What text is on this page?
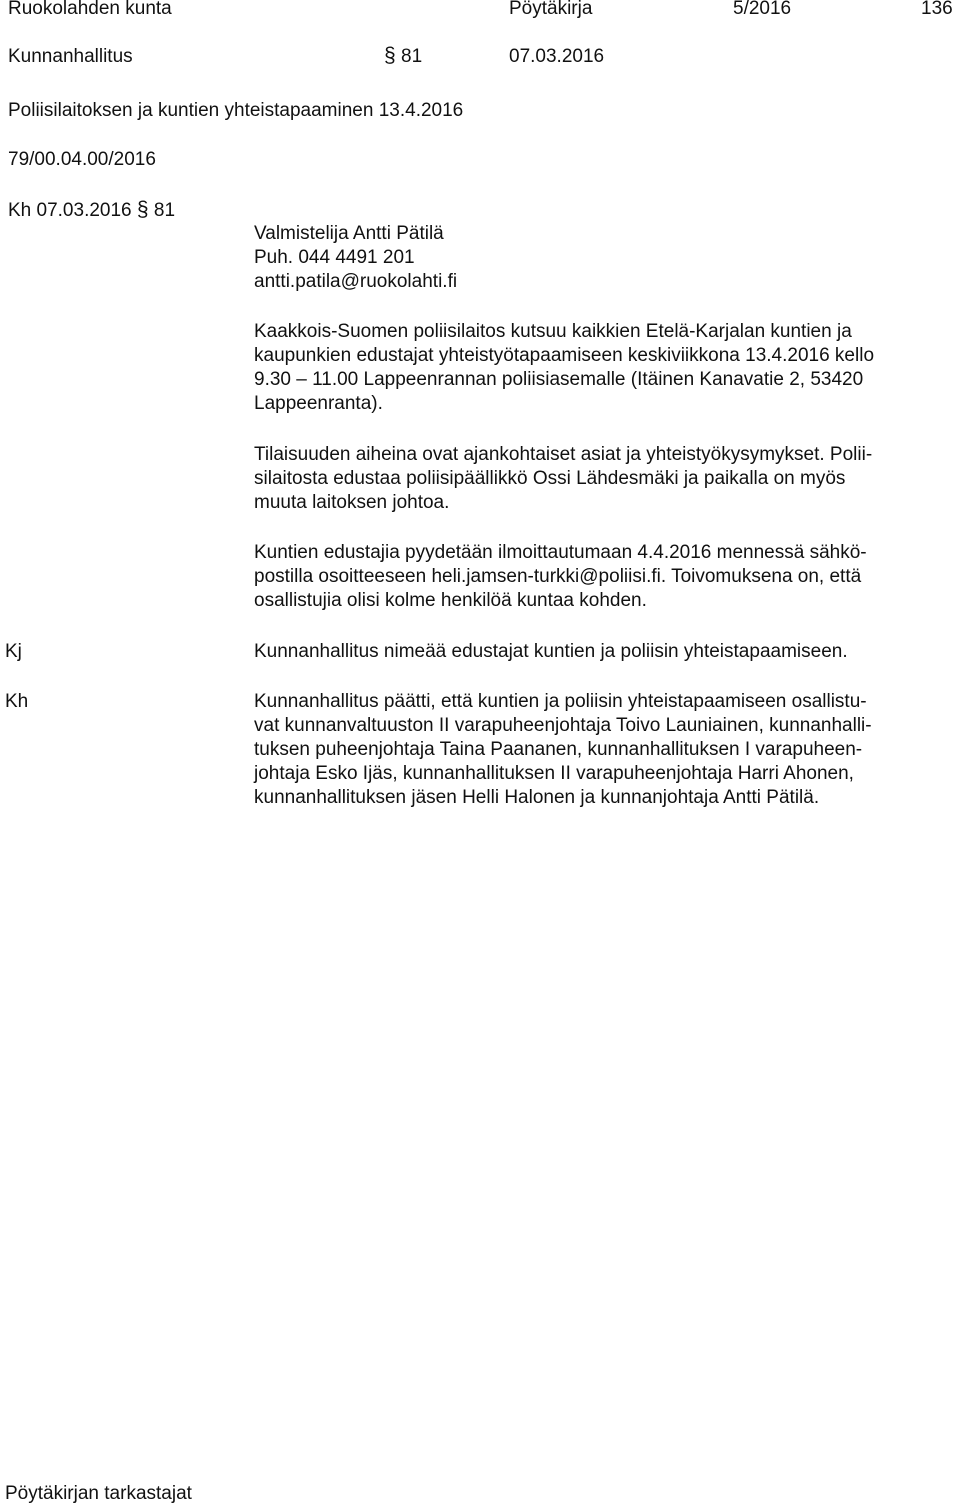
Ruokolahden kunta	Pöytäkirja	5/2016	136
Kunnanhallitus	§ 81	07.03.2016
Poliisilaitoksen ja kuntien yhteistapaaminen 13.4.2016
79/00.04.00/2016
Kh 07.03.2016 § 81
Valmistelija Antti Pätilä
Puh. 044 4491 201
antti.patila@ruokolahti.fi
Kaakkois-Suomen poliisilaitos kutsuu kaikkien Etelä-Karjalan kuntien ja
kaupunkien edustajat yhteistyötapaamiseen keskiviikkona 13.4.2016 kello
9.30 – 11.00 Lappeenrannan poliisiasemalle (Itäinen Kanavatie 2, 53420
Lappeenranta).
Tilaisuuden aiheina ovat ajankohtaiset asiat ja yhteistyökysymykset. Polii-
silaitosta edustaa poliisipäällikkö Ossi Lähdesmäki ja paikalla on myös
muuta laitoksen johtoa.
Kuntien edustajia pyydetään ilmoittautumaan 4.4.2016 mennessä sähkö-
postilla osoitteeseen heli.jamsen-turkki@poliisi.fi. Toivomuksena on, että
osallistujia olisi kolme henkilöä kuntaa kohden.
Kj	Kunnanhallitus nimeää edustajat kuntien ja poliisin yhteistapaamiseen.
Kh	Kunnanhallitus päätti, että kuntien ja poliisin yhteistapaamiseen osallistu-
vat kunnanvaltuuston II varapuheenjohtaja Toivo Launiainen, kunnanhalli-
tuksen puheenjohtaja Taina Paananen, kunnanhallituksen I varapuheen-
johtaja Esko Ijäs, kunnanhallituksen II varapuheenjohtaja Harri Ahonen,
kunnanhallituksen jäsen Helli Halonen ja kunnanjohtaja Antti Pätilä.
Pöytäkirjan tarkastajat
